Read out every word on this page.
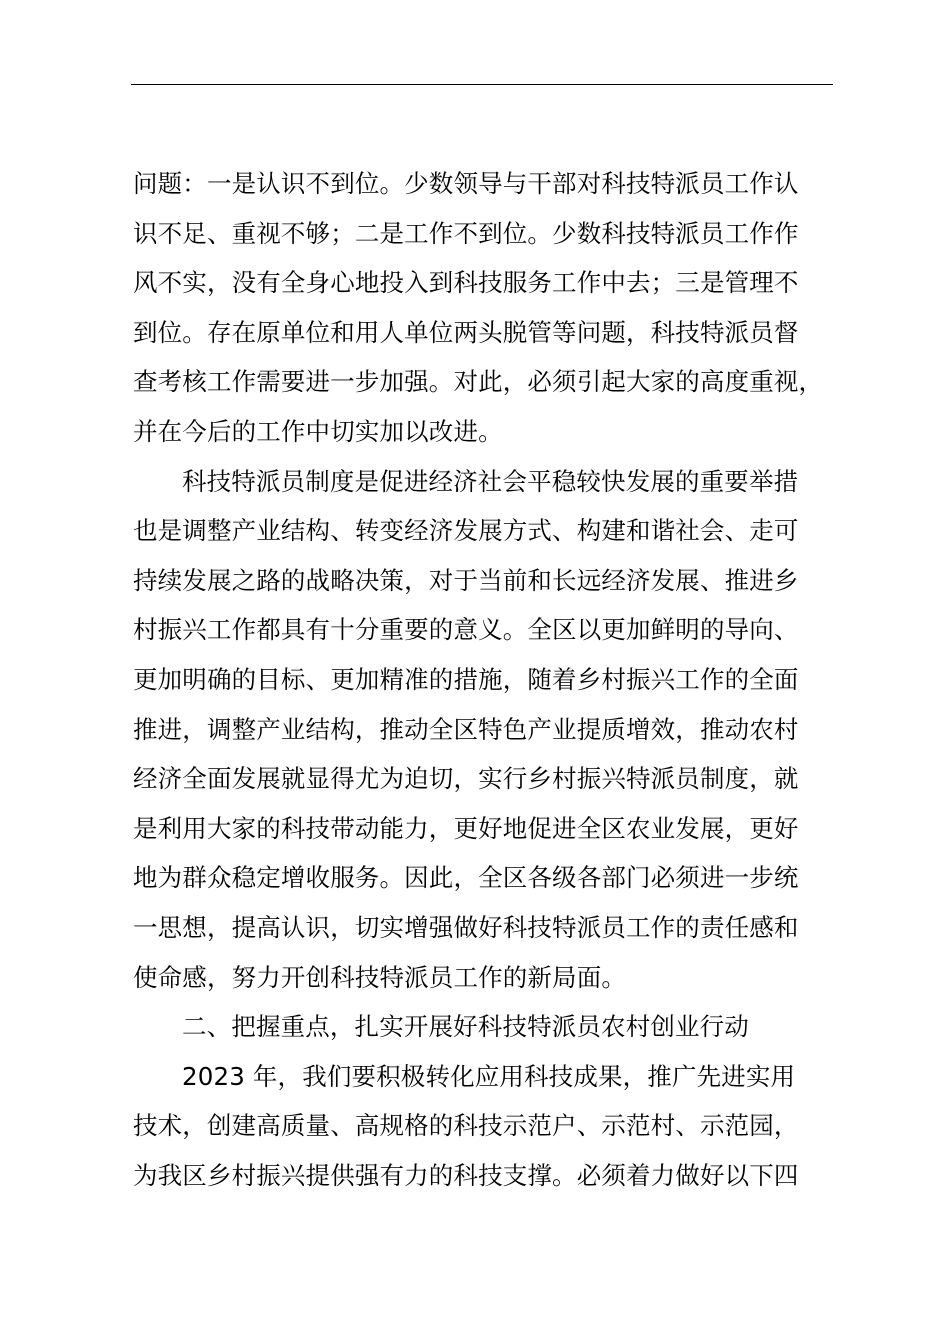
问题：一是认识不到位。少数领导与干部对科技特派员工作认
识不足、重视不够；二是工作不到位。少数科技特派员工作作
风不实，没有全身心地投入到科技服务工作中去；三是管理不
到位。存在原单位和用人单位两头脱管等问题，科技特派员督
查考核工作需要进一步加强。对此，必须引起大家的高度重视，
并在今后的工作中切实加以改进。
科技特派员制度是促进经济社会平稳较快发展的重要举措
也是调整产业结构、转变经济发展方式、构建和谐社会、走可
持续发展之路的战略决策，对于当前和长远经济发展、推进乡
村振兴工作都具有十分重要的意义。全区以更加鲜明的导向、
更加明确的目标、更加精准的措施，随着乡村振兴工作的全面
推进，调整产业结构，推动全区特色产业提质增效，推动农村
经济全面发展就显得尤为迫切，实行乡村振兴特派员制度，就
是利用大家的科技带动能力，更好地促进全区农业发展，更好
地为群众稳定增收服务。因此，全区各级各部门必须进一步统
一思想，提高认识，切实增强做好科技特派员工作的责任感和
使命感，努力开创科技特派员工作的新局面。
二、把握重点，扎实开展好科技特派员农村创业行动
2023 年，我们要积极转化应用科技成果，推广先进实用
技术，创建高质量、高规格的科技示范户、示范村、示范园，
为我区乡村振兴提供强有力的科技支撑。必须着力做好以下四
